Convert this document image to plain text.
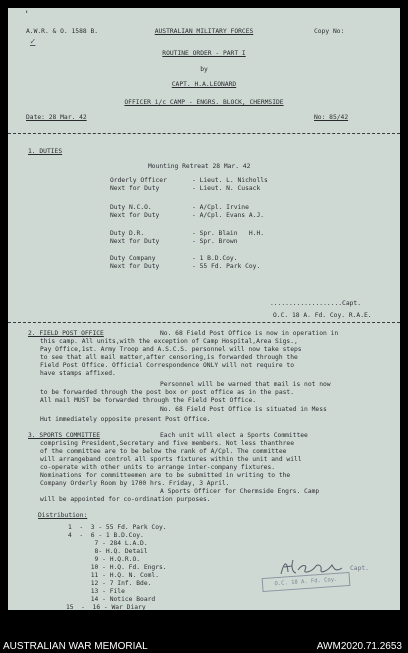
'
A.W.R. & O. 1588 B.	Copy No:
AUSTRALIAN MILITARY FORCES
✓
ROUTINE ORDER - PART I
by
CAPT. H.A.LEONARD
OFFICER i/c CAMP - ENGRS. BLOCK, CHERMSIDE
Date: 28 Mar. 42	No: 85/42
1. DUTIES
Mounting Retreat 28 Mar. 42
Orderly Officer	- Lieut. L. Nicholls
Next for Duty	- Lieut. N. Cusack
Duty N.C.O.	- A/Cpl. Irvine
Next for Duty	- A/Cpl. Evans A.J.
Duty D.R.	- Spr. Blain   H.H.
Next for Duty	- Spr. Brown
Duty Company	- 1 B.D.Coy.
Next for Duty	- 55 Fd. Park Coy.
...................Capt.
O.C. 18 A. Fd. Coy. R.A.E.
2. FIELD POST OFFICE	No. 68 Field Post Office is now in operation in
this camp. All units,with the exception of Camp Hospital,Area Sigs.,
Pay Office,1st. Army Troop and A.S.C.S. personnel will now take steps
to see that all mail matter,after censoring,is forwarded through the
Field Post Office. Official Correspondence ONLY will not require to
have stamps affixed.
Personnel will be warned that mail is not now
to be forwarded through the post box or post office as in the past.
All mail MUST be forwarded through the Field Post Office.
No. 68 Field Post Office is situated in Mess
Hut immediately opposite present Post Office.
3. SPORTS COMMITTEE	Each unit will elect a Sports Committee
comprising President,Secretary and five members. Not less thanthree
of the committee are to be below the rank of A/Cpl. The committee
will arrangeband control all sports fixtures within the unit and will
co-operate with other units to arrange inter-company fixtures.
Nominations for committeemen are to be submitted in writing to the
Company Orderly Room by 1700 hrs. Friday, 3 April.
A Sports Officer for Chermside Engrs. Camp
will be appointed for co-ordination purposes.
Distribution:
1  -  3 - 55 Fd. Park Coy.
4  -  6 - 1 B.D.Coy.
7 - 284 L.A.D.
8- H.Q. Detail
9 - H.Q.R.O.
10 - H.Q. Fd. Engrs.
11 - H.Q. N. Coml.
12 - 7 Inf. Bde.
13 - File
14 - Notice Board
15  -  16 - War Diary
Capt.
O.C. 18 A. Fd. Coy.
AUSTRALIAN WAR MEMORIAL	AWM2020.71.2653
